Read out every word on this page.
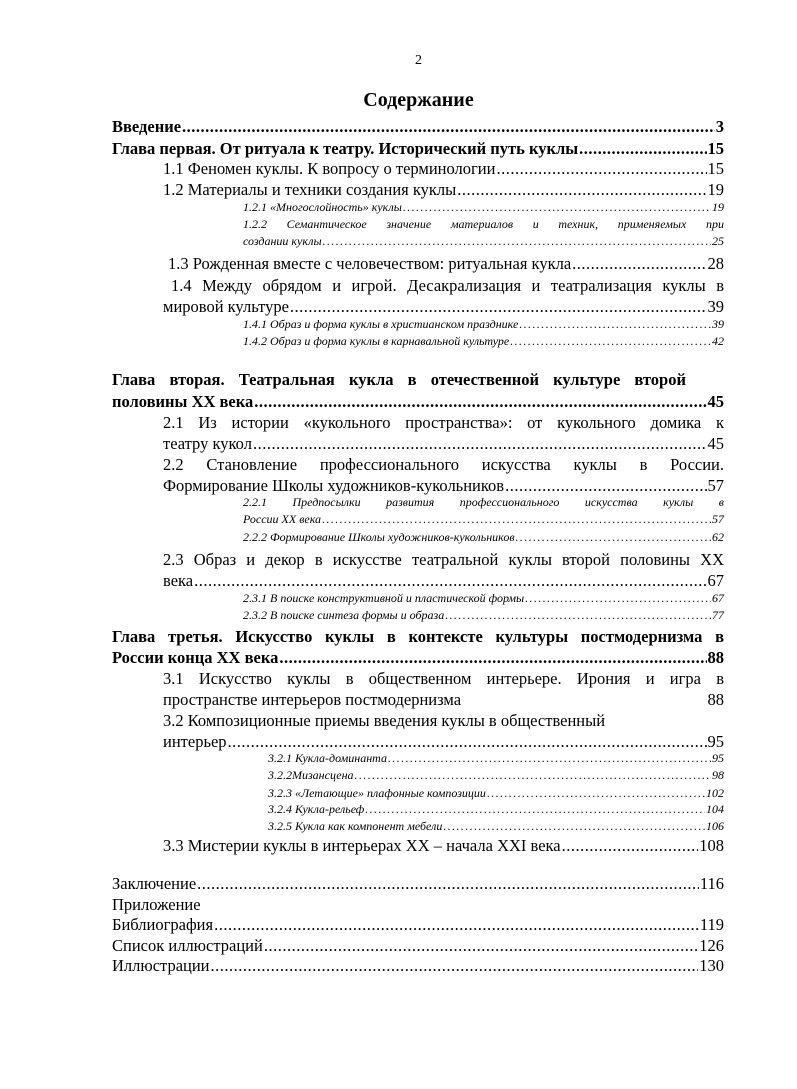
2
Содержание
Введение .....	3
Глава первая. От ритуала к театру. Исторический путь куклы .....	15
1.1 Феномен куклы. К вопросу о терминологии .....	15
1.2 Материалы и техники создания куклы .....	19
1.2.1 «Многослойность» куклы .....	19
1.2.2 Семантическое значение материалов и техник, применяемых при
создании куклы .....	25
1.3 Рожденная вместе с человечеством: ритуальная кукла .....	28
1.4 Между обрядом и игрой. Десакрализация и театрализация куклы в
мировой культуре .....	39
1.4.1 Образ и форма куклы в христианском празднике .....	39
1.4.2 Образ и форма куклы в карнавальной культуре .....	42
Глава вторая. Театральная кукла в отечественной культуре второй
половины XX века .....	45
2.1 Из истории «кукольного пространства»: от кукольного домика к
театру кукол .....	45
2.2 Становление профессионального искусства куклы в России.
Формирование Школы художников-кукольников .....	57
2.2.1 Предпосылки развития профессионального искусства куклы в
России XX века .....	57
2.2.2 Формирование Школы художников-кукольников .....	62
2.3 Образ и декор в искусстве театральной куклы второй половины XX
века .....	67
2.3.1 В поиске конструктивной и пластической формы .....	67
2.3.2 В поиске синтеза формы и образа .....	77
Глава третья. Искусство куклы в контексте культуры постмодернизма в
России конца XX века .....	88
3.1 Искусство куклы в общественном интерьере. Ирония и игра в
пространстве интерьеров постмодернизма	88
3.2 Композиционные приемы введения куклы в общественный
интерьер .....	95
3.2.1 Кукла-доминанта .....	95
3.2.2Мизансцена .....	98
3.2.3 «Летающие» плафонные композиции .....	102
3.2.4 Кукла-рельеф .....	104
3.2.5 Кукла как компонент мебели .....	106
3.3 Мистерии куклы в интерьерах XX – начала XXI века .....	108
Заключение .....	116
Приложение
Библиография .....	119
Список иллюстраций .....	126
Иллюстрации .....	130
